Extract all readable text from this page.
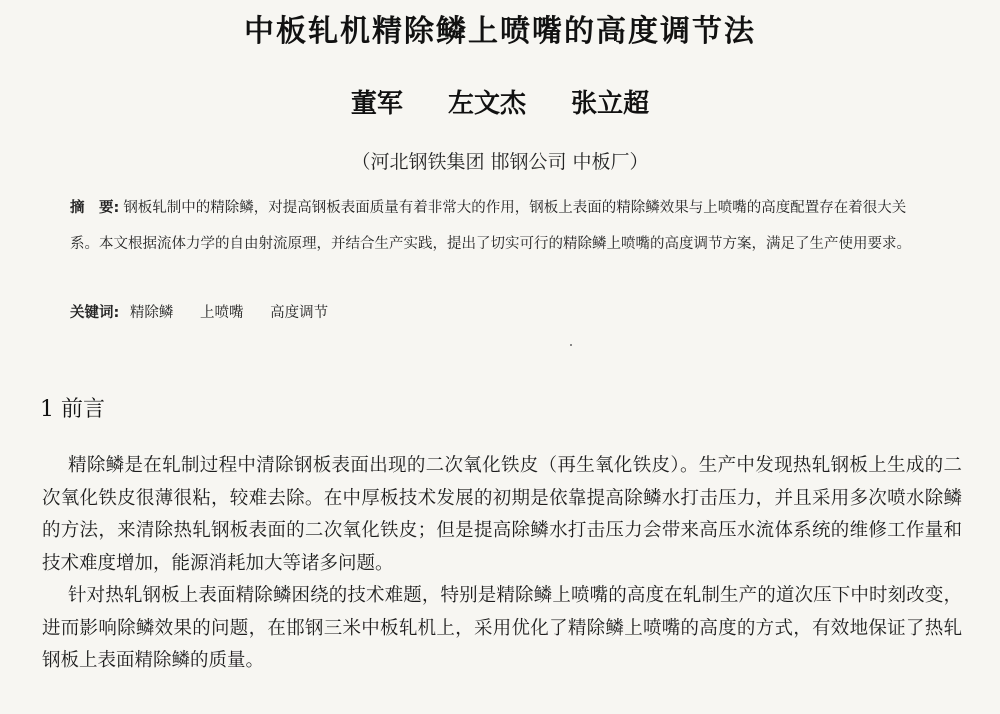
中板轧机精除鳞上喷嘴的高度调节法
董军 左文杰 张立超
（河北钢铁集团 邯钢公司 中板厂）
摘　要: 钢板轧制中的精除鳞，对提高钢板表面质量有着非常大的作用，钢板上表面的精除鳞效果与上喷嘴的高度配置存在着很大关系。本文根据流体力学的自由射流原理，并结合生产实践，提出了切实可行的精除鳞上喷嘴的高度调节方案，满足了生产使用要求。
关键词: 精除鳞 上喷嘴 高度调节
1 前言

精除鳞是在轧制过程中清除钢板表面出现的二次氧化铁皮（再生氧化铁皮）。生产中发现热轧钢板上生成的二次氧化铁皮很薄很粘，较难去除。在中厚板技术发展的初期是依靠提高除鳞水打击压力，并且采用多次喷水除鳞的方法，来清除热轧钢板表面的二次氧化铁皮；但是提高除鳞水打击压力会带来高压水流体系统的维修工作量和技术难度增加，能源消耗加大等诸多问题。

针对热轧钢板上表面精除鳞困绕的技术难题，特别是精除鳞上喷嘴的高度在轧制生产的道次压下中时刻改变，进而影响除鳞效果的问题，在邯钢三米中板轧机上，采用优化了精除鳞上喷嘴的高度的方式，有效地保证了热轧钢板上表面精除鳞的质量。
